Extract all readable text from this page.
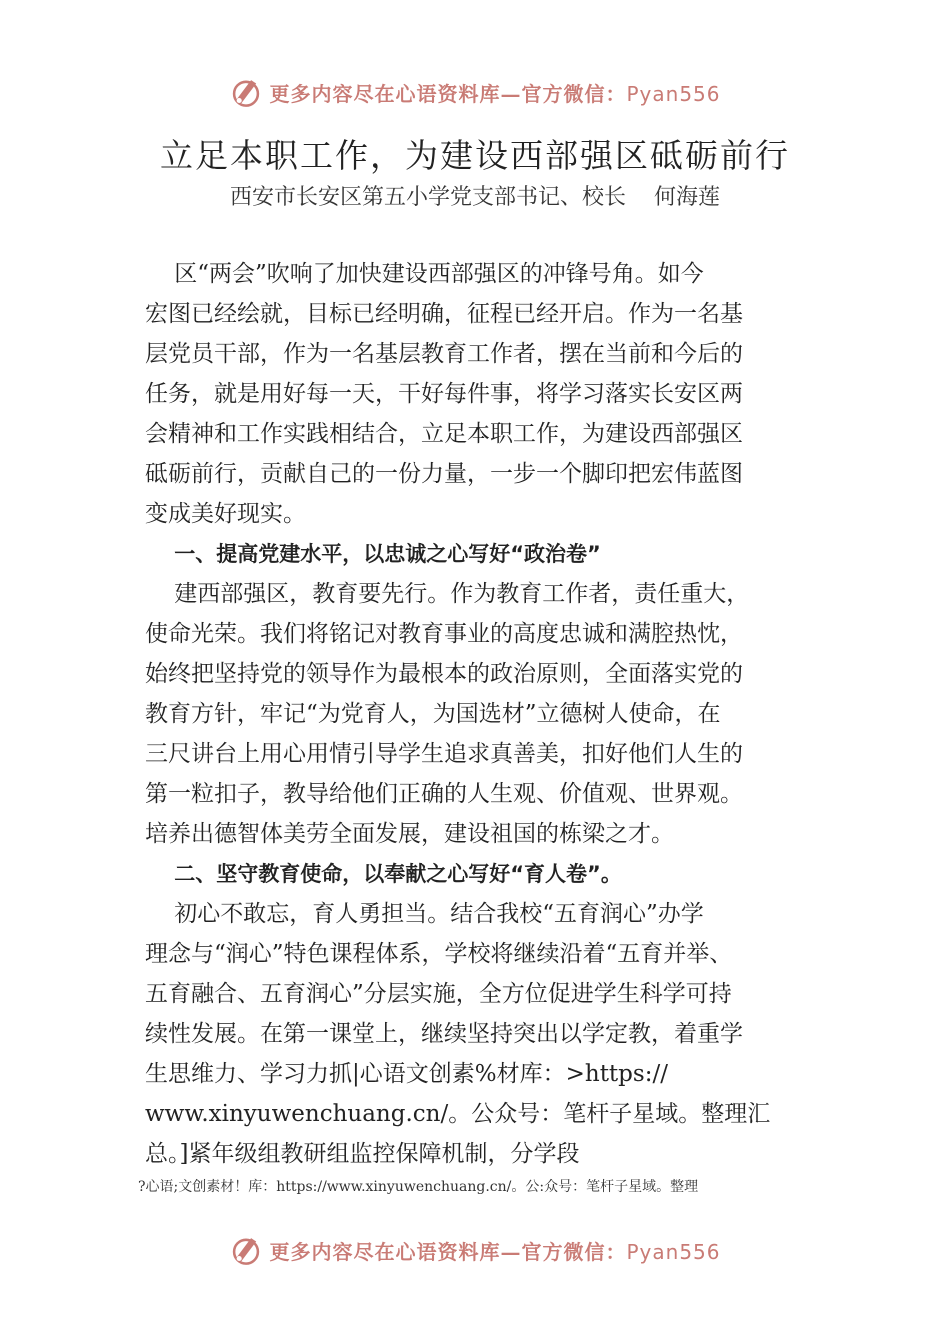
更多内容尽在心语资料库—官方微信：Pyan556
立足本职工作，为建设西部强区砥砺前行
西安市长安区第五小学党支部书记、校长    何海莲
区“两会”吹响了加快建设西部强区的冲锋号角。如今
宏图已经绘就，目标已经明确，征程已经开启。作为一名基
层党员干部，作为一名基层教育工作者，摆在当前和今后的
任务，就是用好每一天，干好每件事，将学习落实长安区两
会精神和工作实践相结合，立足本职工作，为建设西部强区
砥砺前行，贡献自己的一份力量，一步一个脚印把宏伟蓝图
变成美好现实。
一、提高党建水平，以忠诚之心写好“政治卷”
建西部强区，教育要先行。作为教育工作者，责任重大，
使命光荣。我们将铭记对教育事业的高度忠诚和满腔热忱，
始终把坚持党的领导作为最根本的政治原则，全面落实党的
教育方针，牢记“为党育人，为国选材”立德树人使命，在
三尺讲台上用心用情引导学生追求真善美，扣好他们人生的
第一粒扣子，教导给他们正确的人生观、价值观、世界观。
培养出德智体美劳全面发展，建设祖国的栋梁之才。
二、坚守教育使命，以奉献之心写好“育人卷”。
初心不敢忘，育人勇担当。结合我校“五育润心”办学
理念与“润心”特色课程体系，学校将继续沿着“五育并举、
五育融合、五育润心”分层实施，全方位促进学生科学可持
续性发展。在第一课堂上，继续坚持突出以学定教，着重学
生思维力、学习力抓|心语文创素%材库：>https://
www.xinyuwenchuang.cn/。公众号：笔杆子星域。整理汇
总。]紧年级组教研组监控保障机制，分学段
?心语;文创素材！库：https://www.xinyuwenchuang.cn/。公:众号：笔杆子星域。整理
更多内容尽在心语资料库—官方微信：Pyan556
